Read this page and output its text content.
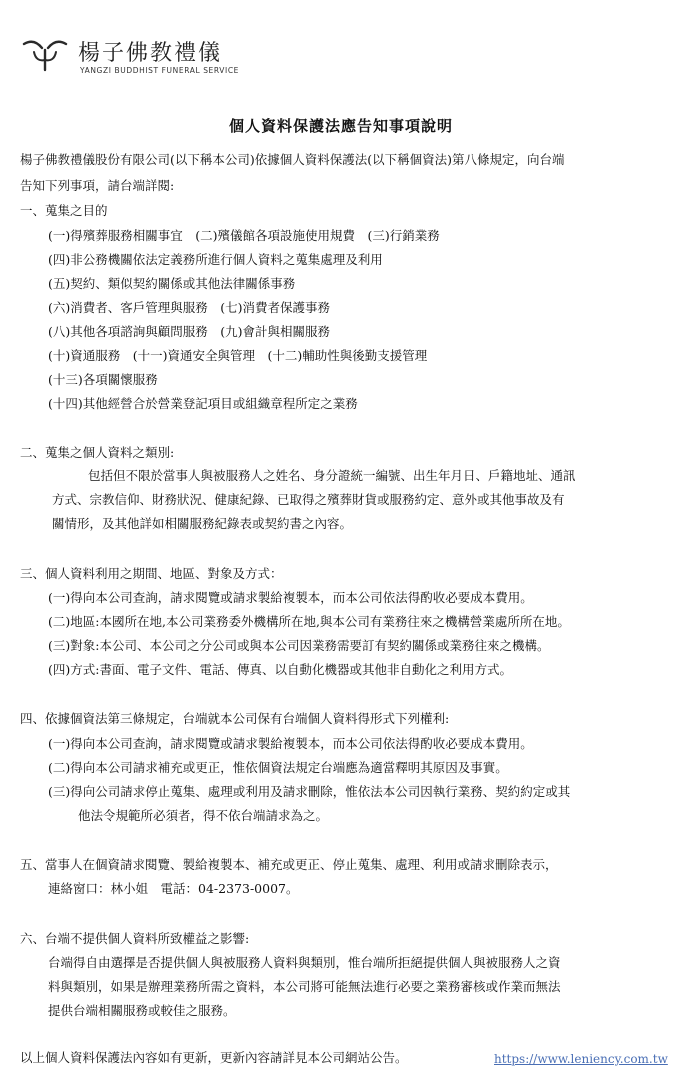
楊子佛教禮儀
YANGZI BUDDHIST FUNERAL SERVICE
個人資料保護法應告知事項說明
楊子佛教禮儀股份有限公司(以下稱本公司)依據個人資料保護法(以下稱個資法)第八條規定，向台端
告知下列事項，請台端詳閱:
一、蒐集之目的
(一)得殯葬服務相關事宜　(二)殯儀館各項設施使用規費　(三)行銷業務
(四)非公務機關依法定義務所進行個人資料之蒐集處理及利用
(五)契約、類似契約關係或其他法律關係事務
(六)消費者、客戶管理與服務　(七)消費者保護事務
(八)其他各項諮詢與顧問服務　(九)會計與相關服務
(十)資通服務　(十一)資通安全與管理　(十二)輔助性與後勤支援管理
(十三)各項關懷服務
(十四)其他經營合於營業登記項目或組織章程所定之業務
二、蒐集之個人資料之類別:
包括但不限於當事人與被服務人之姓名、身分證統一編號、出生年月日、戶籍地址、通訊
方式、宗教信仰、財務狀況、健康紀錄、已取得之殯葬財貨或服務約定、意外或其他事故及有
關情形，及其他詳如相關服務紀錄表或契約書之內容。
三、個人資料利用之期間、地區、對象及方式：
(一)得向本公司查詢，請求閱覽或請求製給複製本，而本公司依法得酌收必要成本費用。
(二)地區:本國所在地,本公司業務委外機構所在地,與本公司有業務往來之機構營業處所所在地。
(三)對象:本公司、本公司之分公司或與本公司因業務需要訂有契約關係或業務往來之機構。
(四)方式:書面、電子文件、電話、傳真、以自動化機器或其他非自動化之利用方式。
四、依據個資法第三條規定，台端就本公司保有台端個人資料得形式下列權利:
(一)得向本公司查詢，請求閱覽或請求製給複製本，而本公司依法得酌收必要成本費用。
(二)得向本公司請求補充或更正，惟依個資法規定台端應為適當釋明其原因及事實。
(三)得向公司請求停止蒐集、處理或利用及請求刪除，惟依法本公司因執行業務、契約約定或其
他法令規範所必須者，得不依台端請求為之。
五、當事人在個資請求閱覽、製給複製本、補充或更正、停止蒐集、處理、利用或請求刪除表示，
連絡窗口：林小姐　電話：04-2373-0007。
六、台端不提供個人資料所致權益之影響:
台端得自由選擇是否提供個人與被服務人資料與類別，惟台端所拒絕提供個人與被服務人之資
料與類別，如果是辦理業務所需之資料，本公司將可能無法進行必要之業務審核或作業而無法
提供台端相關服務或較佳之服務。
以上個人資料保護法內容如有更新，更新內容請詳見本公司網站公告。	https://www.leniency.com.tw
